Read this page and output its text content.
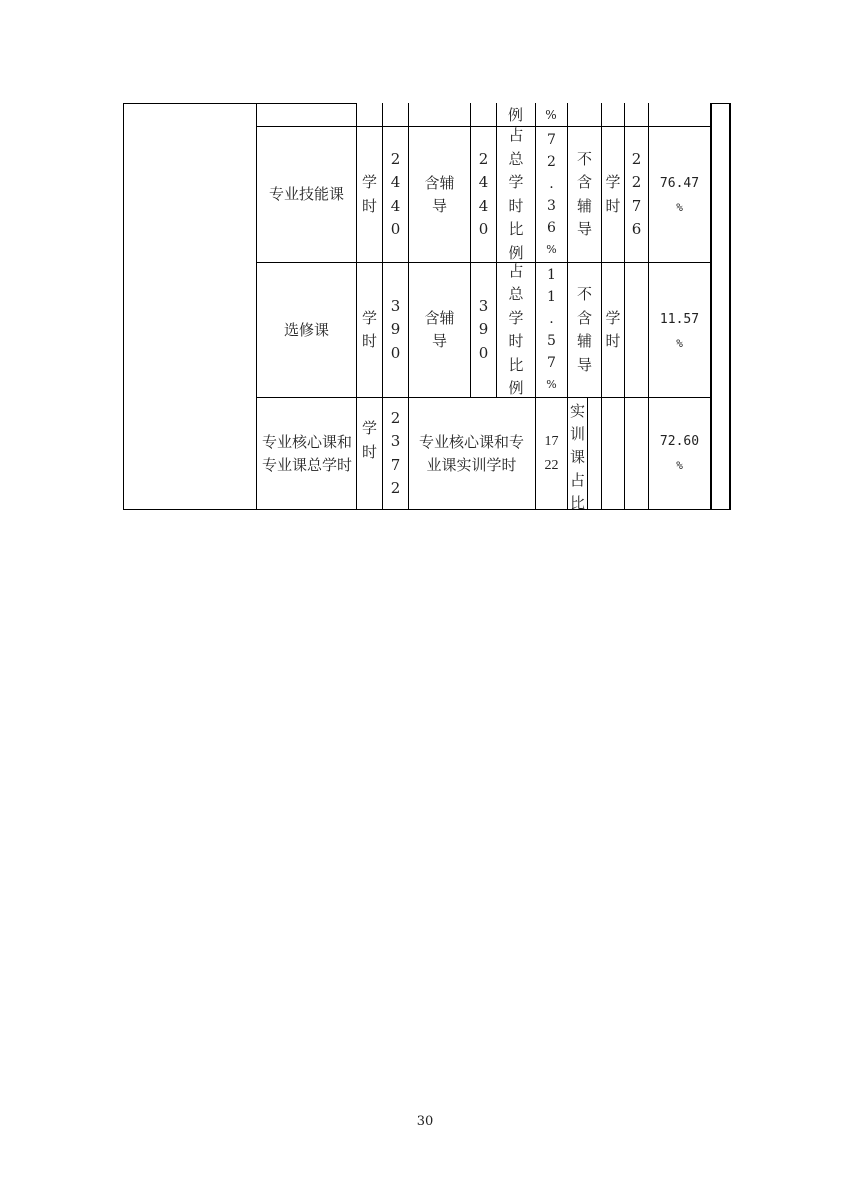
例	%
专业技能课
学
时
2
4
4
0
含辅导
2
4
4
0
占
总
学
时
比
例
7
2
.
3
6
%
不
含
辅
导
学
时
2
2
7
6
76.47
%
选修课
学
时
3
9
0
含辅导
3
9
0
占
总
学
时
比
例
1
1
.
5
7
%
不
含
辅
导
学
时
11.57
%
专业核心课和专业课总学时
学
时
2
3
7
2
专业核心课和专业课实训学时
17
22
实
训
课
占
比
72.60
%
30
